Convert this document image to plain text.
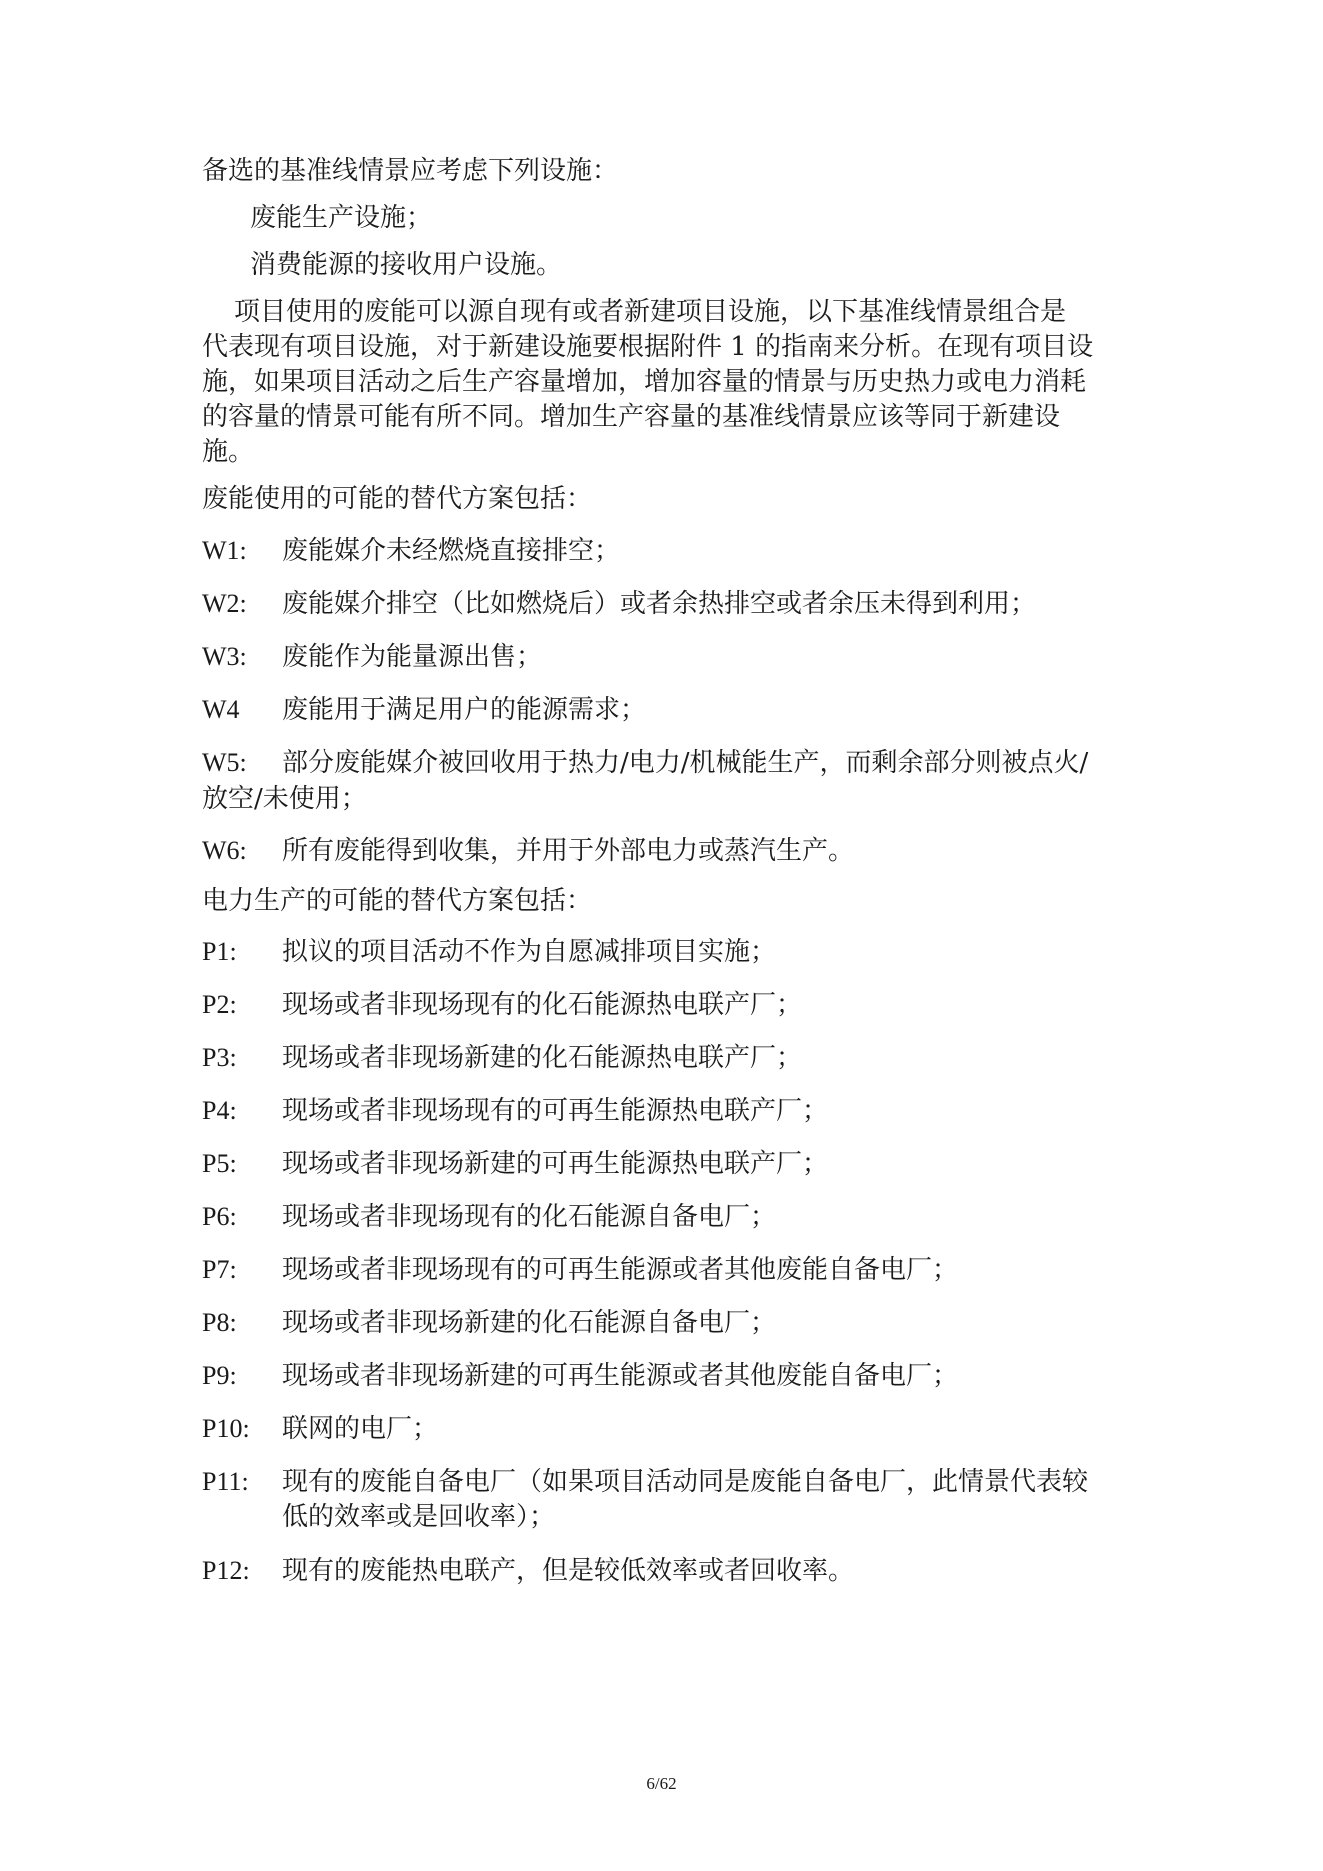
备选的基准线情景应考虑下列设施：
废能生产设施；
消费能源的接收用户设施。
项目使用的废能可以源自现有或者新建项目设施，以下基准线情景组合是
代表现有项目设施，对于新建设施要根据附件 1 的指南来分析。在现有项目设
施，如果项目活动之后生产容量增加，增加容量的情景与历史热力或电力消耗
的容量的情景可能有所不同。增加生产容量的基准线情景应该等同于新建设
施。
废能使用的可能的替代方案包括：
W1: 废能媒介未经燃烧直接排空；
W2: 废能媒介排空（比如燃烧后）或者余热排空或者余压未得到利用；
W3: 废能作为能量源出售；
W4 废能用于满足用户的能源需求；
W5: 部分废能媒介被回收用于热力/电力/机械能生产，而剩余部分则被点火/
放空/未使用；
W6: 所有废能得到收集，并用于外部电力或蒸汽生产。
电力生产的可能的替代方案包括：
P1: 拟议的项目活动不作为自愿减排项目实施；
P2: 现场或者非现场现有的化石能源热电联产厂；
P3: 现场或者非现场新建的化石能源热电联产厂；
P4: 现场或者非现场现有的可再生能源热电联产厂；
P5: 现场或者非现场新建的可再生能源热电联产厂；
P6: 现场或者非现场现有的化石能源自备电厂；
P7: 现场或者非现场现有的可再生能源或者其他废能自备电厂；
P8: 现场或者非现场新建的化石能源自备电厂；
P9: 现场或者非现场新建的可再生能源或者其他废能自备电厂；
P10: 联网的电厂；
P11: 现有的废能自备电厂（如果项目活动同是废能自备电厂，此情景代表较
低的效率或是回收率）；
P12: 现有的废能热电联产，但是较低效率或者回收率。
6/62
